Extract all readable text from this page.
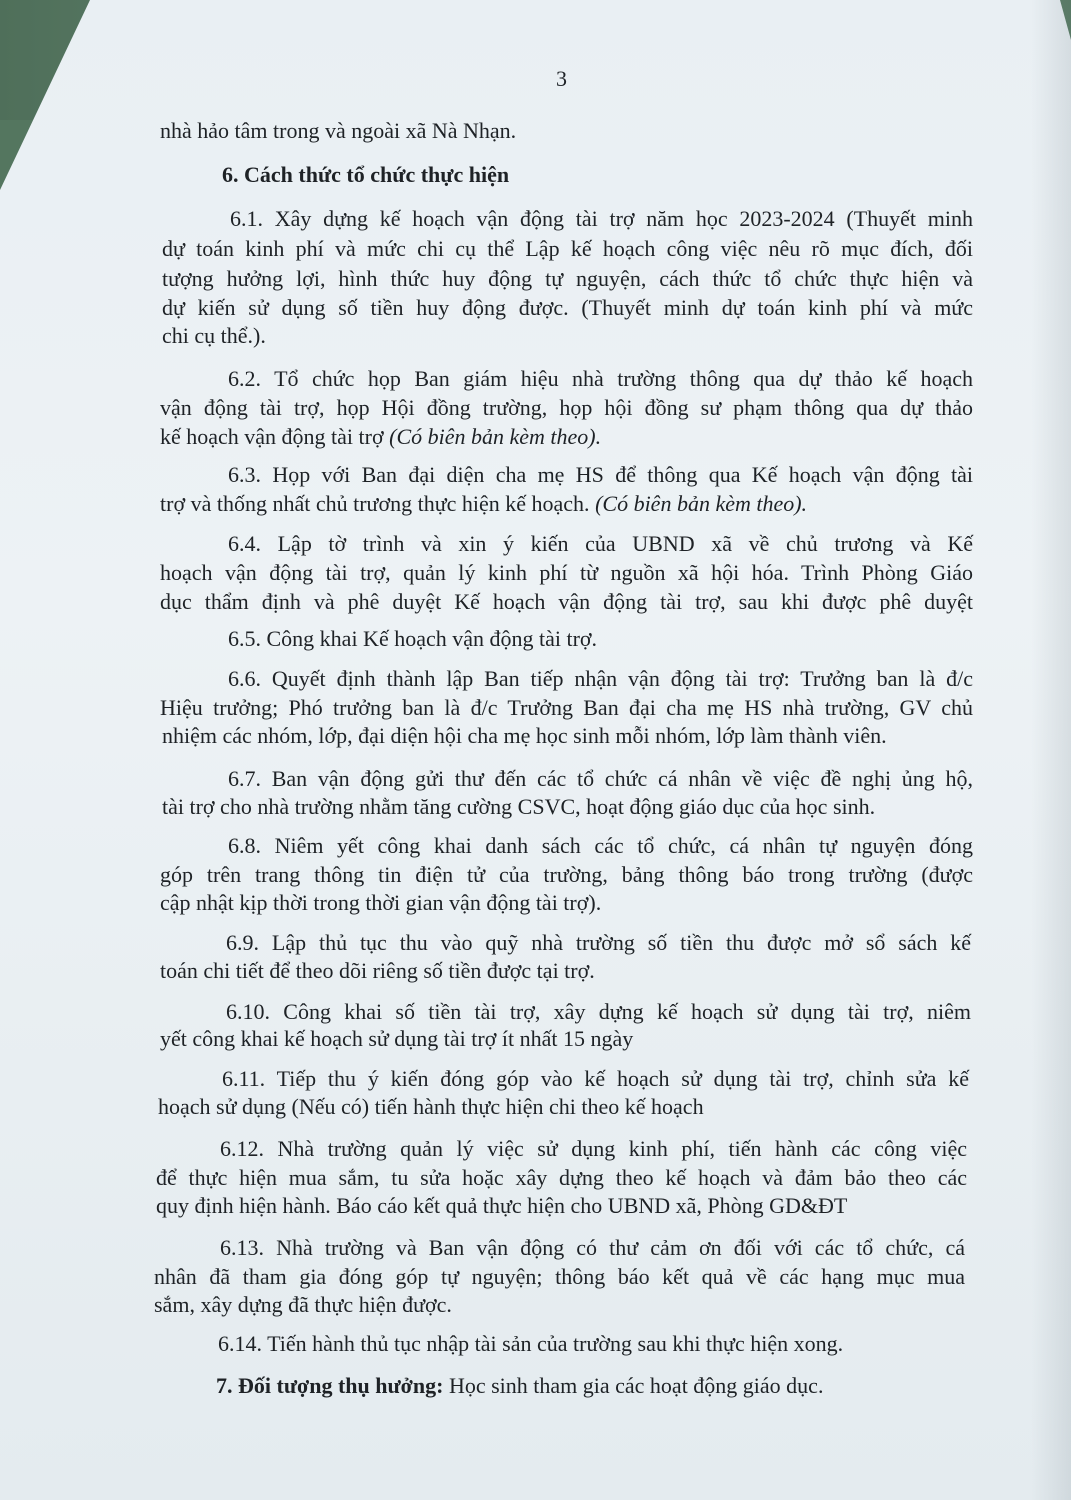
3
nhà hảo tâm trong và ngoài xã Nà Nhạn.
6. Cách thức tổ chức thực hiện
6.1. Xây dựng kế hoạch vận động tài trợ năm học 2023-2024 (Thuyết minh
dự toán kinh phí và mức chi cụ thể Lập kế hoạch công việc nêu rõ mục đích, đối
tượng hưởng lợi, hình thức huy động tự nguyện, cách thức tổ chức thực hiện và
dự kiến sử dụng số tiền huy động được. (Thuyết minh dự toán kinh phí và mức
chi cụ thể.).
6.2. Tổ chức họp Ban giám hiệu nhà trường thông qua dự thảo kế hoạch
vận động tài trợ, họp Hội đồng trường, họp hội đồng sư phạm thông qua dự thảo
kế hoạch vận động tài trợ (Có biên bản kèm theo).
6.3. Họp với Ban đại diện cha mẹ HS để thông qua Kế hoạch vận động tài
trợ và thống nhất chủ trương thực hiện kế hoạch. (Có biên bản kèm theo).
6.4. Lập tờ trình và xin ý kiến của UBND xã về chủ trương và Kế
hoạch vận động tài trợ, quản lý kinh phí từ nguồn xã hội hóa. Trình Phòng Giáo
dục thẩm định và phê duyệt Kế hoạch vận động tài trợ, sau khi được phê duyệt
6.5. Công khai Kế hoạch vận động tài trợ.
6.6. Quyết định thành lập Ban tiếp nhận vận động tài trợ: Trưởng ban là đ/c
Hiệu trưởng; Phó trưởng ban là đ/c Trưởng Ban đại cha mẹ HS nhà trường, GV chủ
nhiệm các nhóm, lớp, đại diện hội cha mẹ học sinh mỗi nhóm, lớp làm thành viên.
6.7. Ban vận động gửi thư đến các tổ chức cá nhân về việc đề nghị ủng hộ,
tài trợ cho nhà trường nhằm tăng cường CSVC, hoạt động giáo dục của học sinh.
6.8. Niêm yết công khai danh sách các tổ chức, cá nhân tự nguyện đóng
góp trên trang thông tin điện tử của trường, bảng thông báo trong trường (được
cập nhật kịp thời trong thời gian vận động tài trợ).
6.9. Lập thủ tục thu vào quỹ nhà trường số tiền thu được mở sổ sách kế
toán chi tiết để theo dõi riêng số tiền được tại trợ.
6.10. Công khai số tiền tài trợ, xây dựng kế hoạch sử dụng tài trợ, niêm
yết công khai kế hoạch sử dụng tài trợ ít nhất 15 ngày
6.11. Tiếp thu ý kiến đóng góp vào kế hoạch sử dụng tài trợ, chỉnh sửa kế
hoạch sử dụng (Nếu có) tiến hành thực hiện chi theo kế hoạch
6.12. Nhà trường quản lý việc sử dụng kinh phí, tiến hành các công việc
để thực hiện mua sắm, tu sửa hoặc xây dựng theo kế hoạch và đảm bảo theo các
quy định hiện hành. Báo cáo kết quả thực hiện cho UBND xã, Phòng GD&ĐT
6.13. Nhà trường và Ban vận động có thư cảm ơn đối với các tổ chức, cá
nhân đã tham gia đóng góp tự nguyện; thông báo kết quả về các hạng mục mua
sắm, xây dựng đã thực hiện được.
6.14. Tiến hành thủ tục nhập tài sản của trường sau khi thực hiện xong.
7. Đối tượng thụ hưởng: Học sinh tham gia các hoạt động giáo dục.
